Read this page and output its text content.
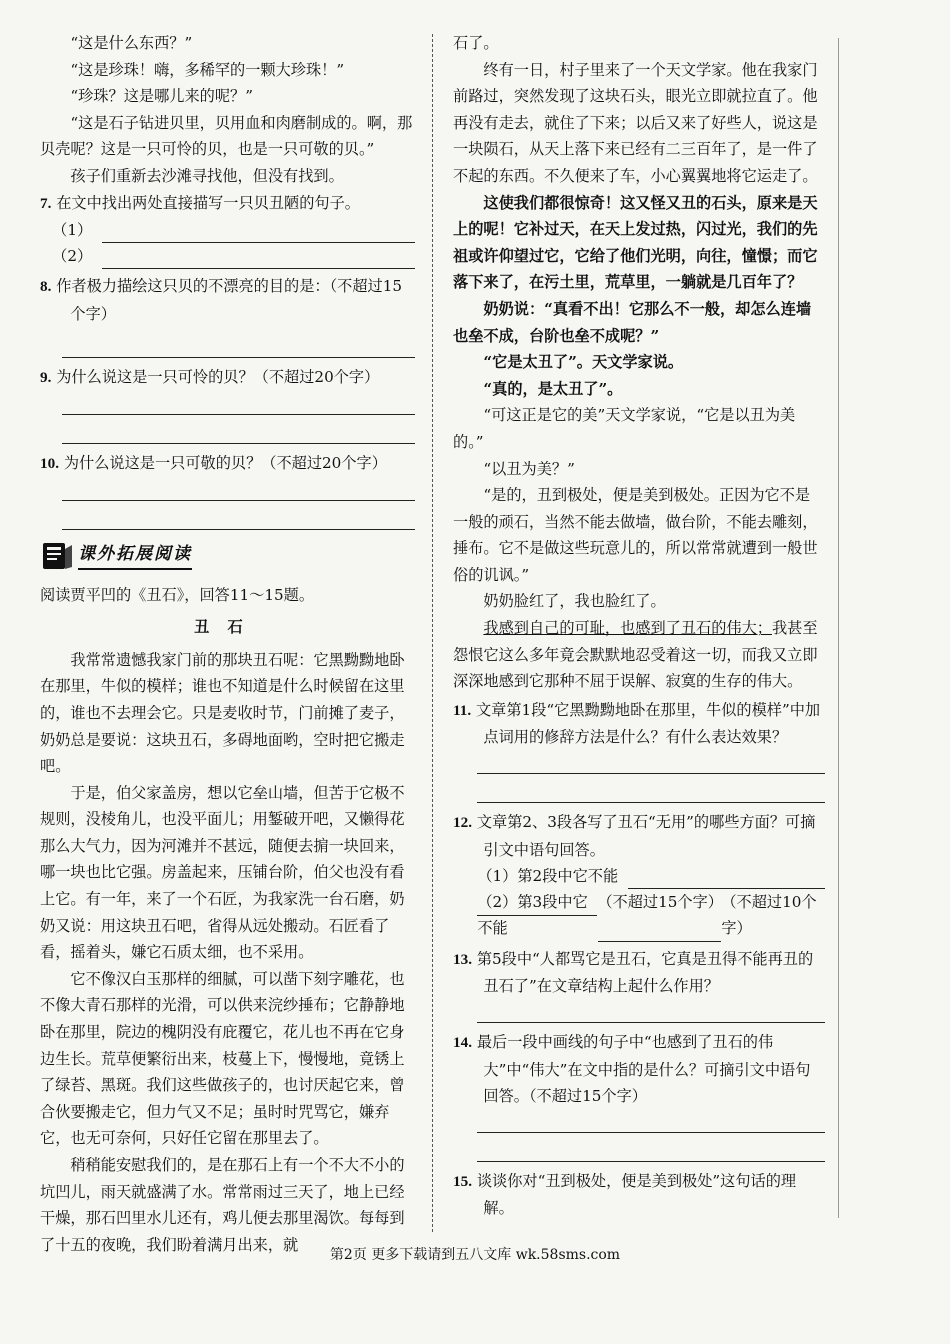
“这是什么东西？”

“这是珍珠！嗨，多稀罕的一颗大珍珠！”

“珍珠？这是哪儿来的呢？”

“这是石子钻进贝里，贝用血和肉磨制成的。啊，那贝壳呢？这是一只可怜的贝，也是一只可敬的贝。”

孩子们重新去沙滩寻找他，但没有找到。

7. 在文中找出两处直接描写一只贝丑陋的句子。

（1）
（2）

8. 作者极力描绘这只贝的不漂亮的目的是：（不超过15个字）

9. 为什么说这是一只可怜的贝？（不超过20个字）

10. 为什么说这是一只可敬的贝？（不超过20个字）

课外拓展阅读

阅读贾平凹的《丑石》，回答11～15题。

丑石

我常常遗憾我家门前的那块丑石呢：它黑黝黝地卧在那里，牛似的模样；谁也不知道是什么时候留在这里的，谁也不去理会它。只是麦收时节，门前摊了麦子，奶奶总是要说：这块丑石，多碍地面哟，空时把它搬走吧。

于是，伯父家盖房，想以它垒山墙，但苦于它极不规则，没棱角儿，也没平面儿；用錾破开吧，又懒得花那么大气力，因为河滩并不甚远，随便去掮一块回来，哪一块也比它强。房盖起来，压铺台阶，伯父也没有看上它。有一年，来了一个石匠，为我家洗一台石磨，奶奶又说：用这块丑石吧，省得从远处搬动。石匠看了看，摇着头，嫌它石质太细，也不采用。

它不像汉白玉那样的细腻，可以凿下刻字雕花，也不像大青石那样的光滑，可以供来浣纱捶布；它静静地卧在那里，院边的槐阴没有庇覆它，花儿也不再在它身边生长。荒草便繁衍出来，枝蔓上下，慢慢地，竟锈上了绿苔、黑斑。我们这些做孩子的，也讨厌起它来，曾合伙要搬走它，但力气又不足；虽时时咒骂它，嫌弃它，也无可奈何，只好任它留在那里去了。

稍稍能安慰我们的，是在那石上有一个不大不小的坑凹儿，雨天就盛满了水。常常雨过三天了，地上已经干燥，那石凹里水儿还有，鸡儿便去那里渴饮。每每到了十五的夜晚，我们盼着满月出来，就

石了。

终有一日，村子里来了一个天文学家。他在我家门前路过，突然发现了这块石头，眼光立即就拉直了。他再没有走去，就住了下来；以后又来了好些人，说这是一块陨石，从天上落下来已经有二三百年了，是一件了不起的东西。不久便来了车，小心翼翼地将它运走了。

这使我们都很惊奇！这又怪又丑的石头，原来是天上的呢！它补过天，在天上发过热，闪过光，我们的先祖或许仰望过它，它给了他们光明，向往，憧憬；而它落下来了，在污土里，荒草里，一躺就是几百年了？

奶奶说：“真看不出！它那么不一般，却怎么连墙也垒不成，台阶也垒不成呢？”

“它是太丑了”。天文学家说。

“真的，是太丑了”。

“可这正是它的美”天文学家说，“它是以丑为美的。”

“以丑为美？”

“是的，丑到极处，便是美到极处。正因为它不是一般的顽石，当然不能去做墙，做台阶，不能去雕刻，捶布。它不是做这些玩意儿的，所以常常就遭到一般世俗的讥讽。”

奶奶脸红了，我也脸红了。

我感到自己的可耻，也感到了丑石的伟大；我甚至怨恨它这么多年竟会默默地忍受着这一切，而我又立即深深地感到它那种不屈于误解、寂寞的生存的伟大。

11. 文章第1段“它黑黝黝地卧在那里，牛似的模样”中加点词用的修辞方法是什么？有什么表达效果？

12. 文章第2、3段各写了丑石“无用”的哪些方面？可摘引文中语句回答。

（1）第2段中它不能

（不超过15个字）

（2）第3段中它不能
（不超过10个字）

13. 第5段中“人都骂它是丑石，它真是丑得不能再丑的丑石了”在文章结构上起什么作用？

14. 最后一段中画线的句子中“也感到了丑石的伟大”中“伟大”在文中指的是什么？可摘引文中语句回答。（不超过15个字）

15. 谈谈你对“丑到极处，便是美到极处”这句话的理解。

第2页 更多下载请到五八文库 wk.58sms.com
